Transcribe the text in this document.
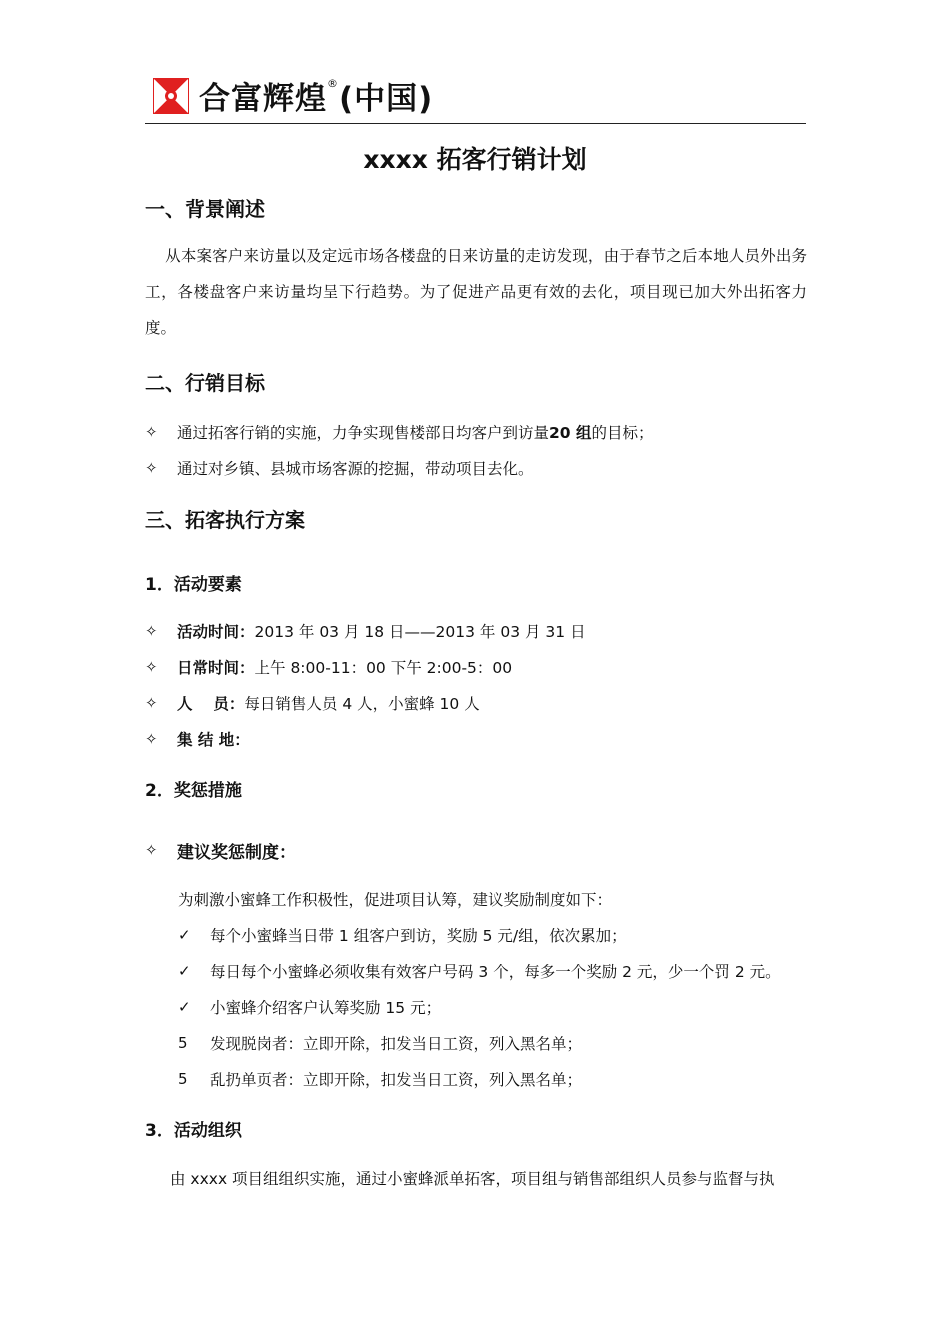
合富辉煌®(中国)
xxxx 拓客行销计划
一、背景阐述
从本案客户来访量以及定远市场各楼盘的日来访量的走访发现，由于春节之后本地人员外出务工，各楼盘客户来访量均呈下行趋势。为了促进产品更有效的去化，项目现已加大外出拓客力度。
二、行销目标
✧	通过拓客行销的实施，力争实现售楼部日均客户到访量 20 组 的目标；
✧	通过对乡镇、县城市场客源的挖掘，带动项目去化。
三、拓客执行方案
1．活动要素
✧	活动时间： 2013 年 03 月 18 日——2013 年 03 月 31 日
✧	日常时间： 上午 8:00-11：00 下午 2:00-5：00
✧	人　 员： 每日销售人员 4 人，小蜜蜂 10 人
✧	集 结 地：
2．奖惩措施
✧	建议奖惩制度：
为刺激小蜜蜂工作积极性，促进项目认筹，建议奖励制度如下：
✓	每个小蜜蜂当日带 1 组客户到访，奖励 5 元/组，依次累加；
✓	每日每个小蜜蜂必须收集有效客户号码 3 个，每多一个奖励 2 元，少一个罚 2 元。
✓	小蜜蜂介绍客户认筹奖励 15 元；
5	发现脱岗者：立即开除，扣发当日工资，列入黑名单；
5	乱扔单页者：立即开除，扣发当日工资，列入黑名单；
3．活动组织
由 xxxx 项目组组织实施，通过小蜜蜂派单拓客，项目组与销售部组织人员参与监督与执
